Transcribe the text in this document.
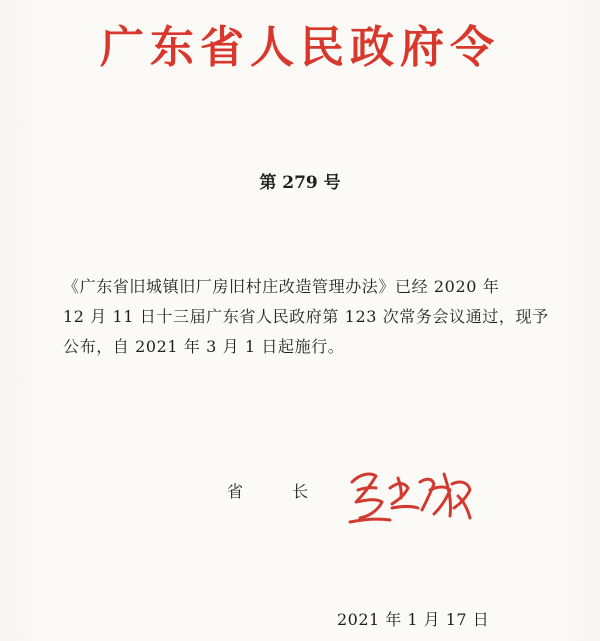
广东省人民政府令
第 279 号

《广东省旧城镇旧厂房旧村庄改造管理办法》已经 2020 年

12 月 11 日十三届广东省人民政府第 123 次常务会议通过，现予

公布，自 2021 年 3 月 1 日起施行。

省 长
2021 年 1 月 17 日
